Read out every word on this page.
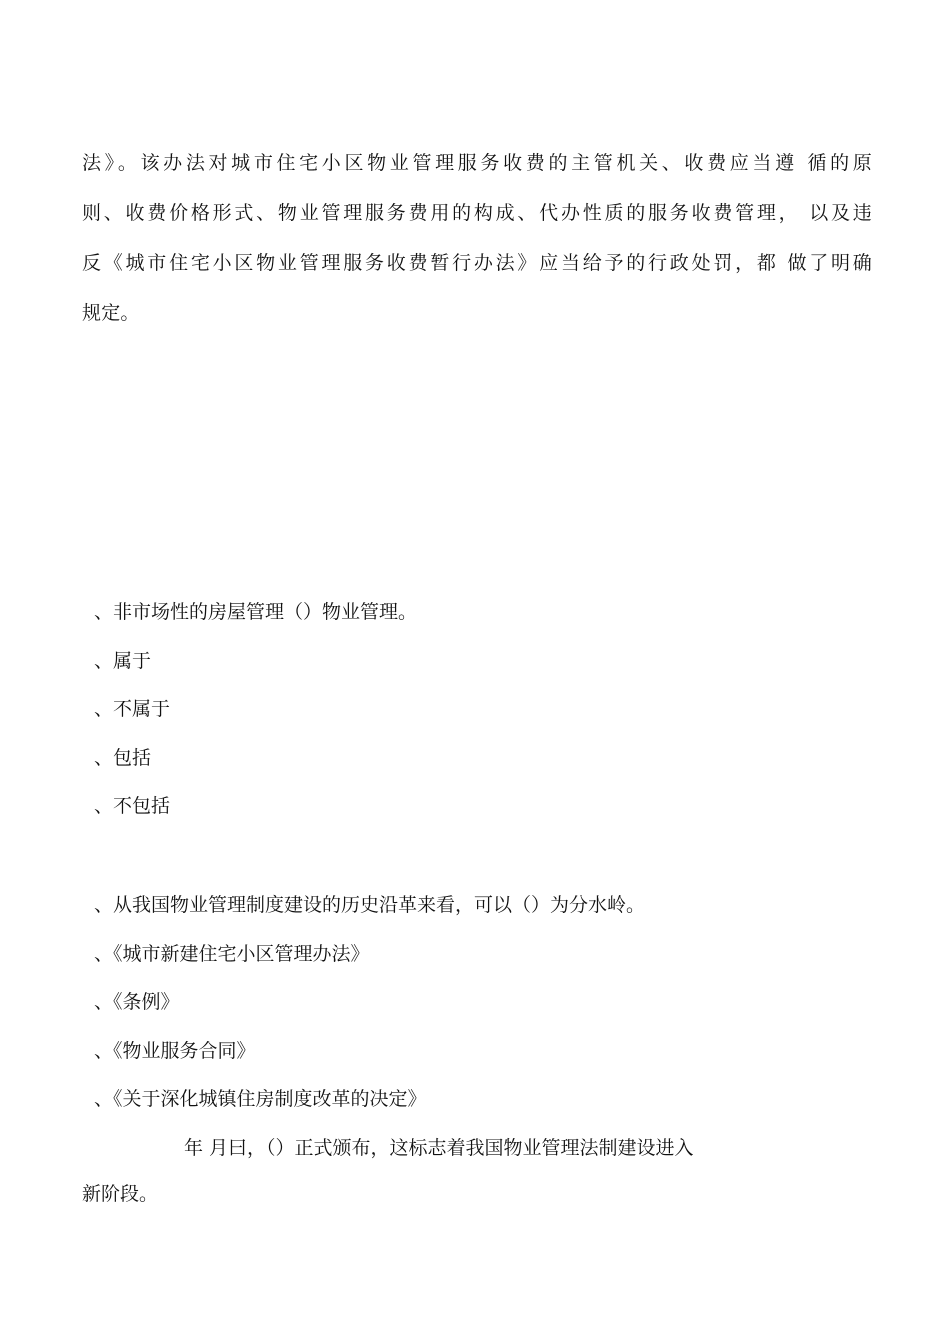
法》。该办法对城市住宅小区物业管理服务收费的主管机关、收费应当遵 循的原
则、收费价格形式、物业管理服务费用的构成、代办性质的服务收费管理， 以及违
反《城市住宅小区物业管理服务收费暂行办法》应当给予的行政处罚，都 做了明确
规定。
、非市场性的房屋管理（）物业管理。
、属于
、不属于
、包括
、不包括
、从我国物业管理制度建设的历史沿革来看，可以（）为分水岭。
、《城市新建住宅小区管理办法》
、《条例》
、《物业服务合同》
、《关于深化城镇住房制度改革的决定》
年 月曰，（）正式颁布，这标志着我国物业管理法制建设进入
新阶段。
